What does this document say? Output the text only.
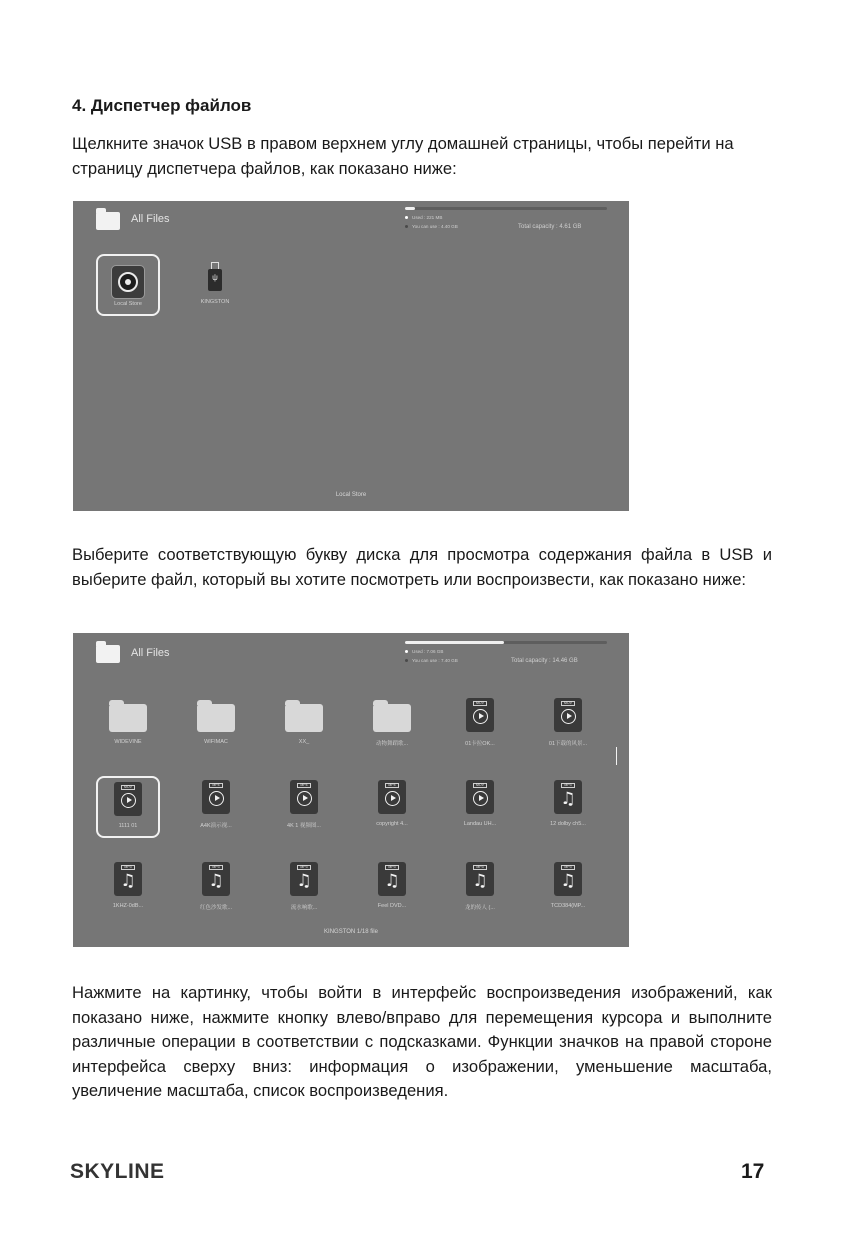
4. Диспетчер файлов
Щелкните значок USB в правом верхнем углу домашней страницы, чтобы перейти на страницу диспетчера файлов, как показано ниже:
All Files	Used : 221 MB
You can use : 4.40 GB	Total capacity : 4.61 GB
Local Store
ψ
KINGSTON
Local Store
Выберите соответствующую букву диска для просмотра содержания файла в USB и выберите файл, который вы хотите посмотреть или воспроизвести, как показано ниже:
All Files	Used : 7.06 GB
You can use : 7.40 GB	Total capacity : 14.46 GB
KINGSTON 1/18 file
WIDEVINE	WIFIMAC	XX_	动物舞蹈歌...
MOV
01卡拉OK...
MOV
01下载的风景...
MOV
1111 01
MP4
A4K演示视...
MP4
4K 1 视频图...
MP4
copyright 4...
MOV
Landau UH...
MP3
♫
12 dolby ch5...
MP3
♫
1KHZ-0dB...
MP3
♫
红色沙发歌...
MP3
♫
流水响歌...
MP3
♫
Feel DVD...
MP3
♫
龙的传人 (...
MP3
♫
TCD384(MP...
Нажмите на картинку, чтобы войти в интерфейс воспроизведения изображений, как показано ниже, нажмите кнопку влево/вправо для перемещения курсора и выполните различные операции в соответствии с подсказками. Функции значков на правой стороне интерфейса сверху вниз: информация о изображении, уменьшение масштаба, увеличение масштаба, список воспроизведения.
SKYLINE	17
